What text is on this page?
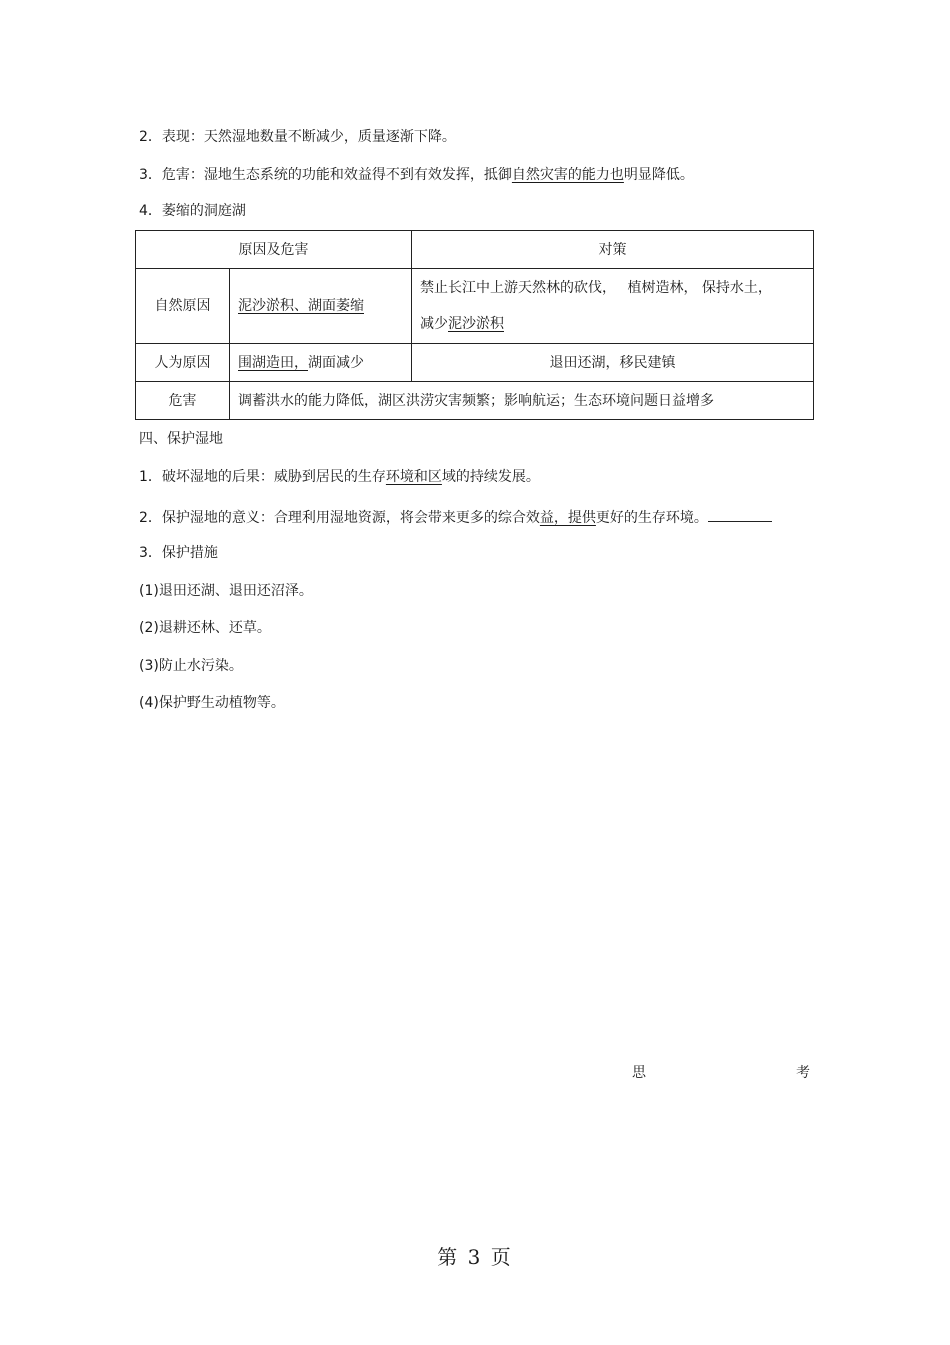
2．表现：天然湿地数量不断减少，质量逐渐下降。
3．危害：湿地生态系统的功能和效益得不到有效发挥，抵御自然灾害的能力也明显降低。
4．萎缩的洞庭湖
原因及危害		对策
自然原因	泥沙淤积、湖面萎缩	禁止长江中上游天然林的砍伐，　 植树造林， 保持水土，
减少泥沙淤积

人为原因	围湖造田，湖面减少	退田还湖，移民建镇
危害	调蓄洪水的能力降低，湖区洪涝灾害频繁；影响航运；生态环境问题日益增多	
四、保护湿地
1．破坏湿地的后果：威胁到居民的生存环境和区域的持续发展。
2．保护湿地的意义：合理利用湿地资源，将会带来更多的综合效益，提供更好的生存环境。
3．保护措施
(1)退田还湖、退田还沼泽。
(2)退耕还林、还草。
(3)防止水污染。
(4)保护野生动植物等。
思	考
第 3 页
